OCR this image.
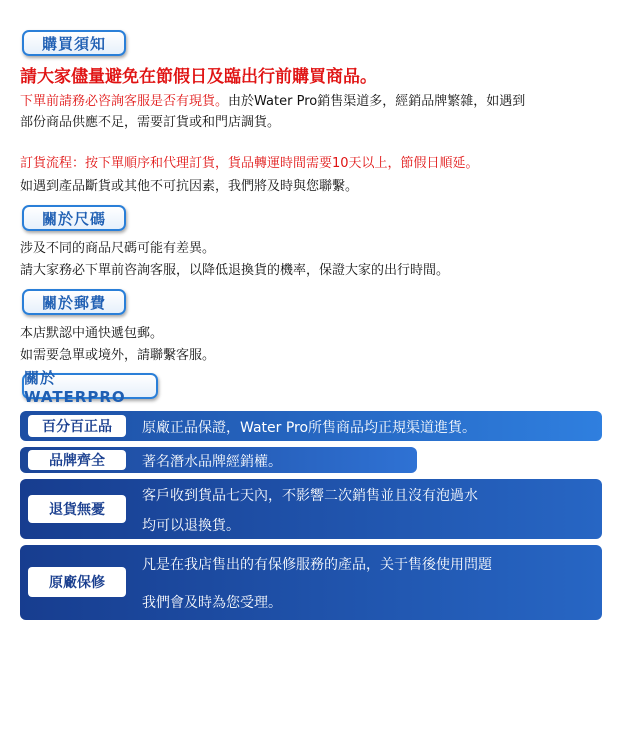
購買須知
請大家儘量避免在節假日及臨出行前購買商品。
下單前請務必咨詢客服是否有現貨。由於Water Pro銷售渠道多，經銷品牌繁雜，如遇到
部份商品供應不足，需要訂貨或和門店調貨。
訂貨流程：按下單順序和代理訂貨，貨品轉運時間需要10天以上，節假日順延。
如遇到產品斷貨或其他不可抗因素，我們將及時與您聯繫。
關於尺碼
涉及不同的商品尺碼可能有差異。
請大家務必下單前咨詢客服，以降低退換貨的機率，保證大家的出行時間。
關於郵費
本店默認中通快遞包郵。
如需要急單或境外，請聯繫客服。
關於WATERPRO
百分百正品	原廠正品保證，Water Pro所售商品均正規渠道進貨。
品牌齊全	著名潛水品牌經銷權。
退貨無憂
客戶收到貨品七天內，不影響二次銷售並且沒有泡過水
均可以退換貨。
原廠保修
凡是在我店售出的有保修服務的產品，关于售後使用問題
我們會及時為您受理。
